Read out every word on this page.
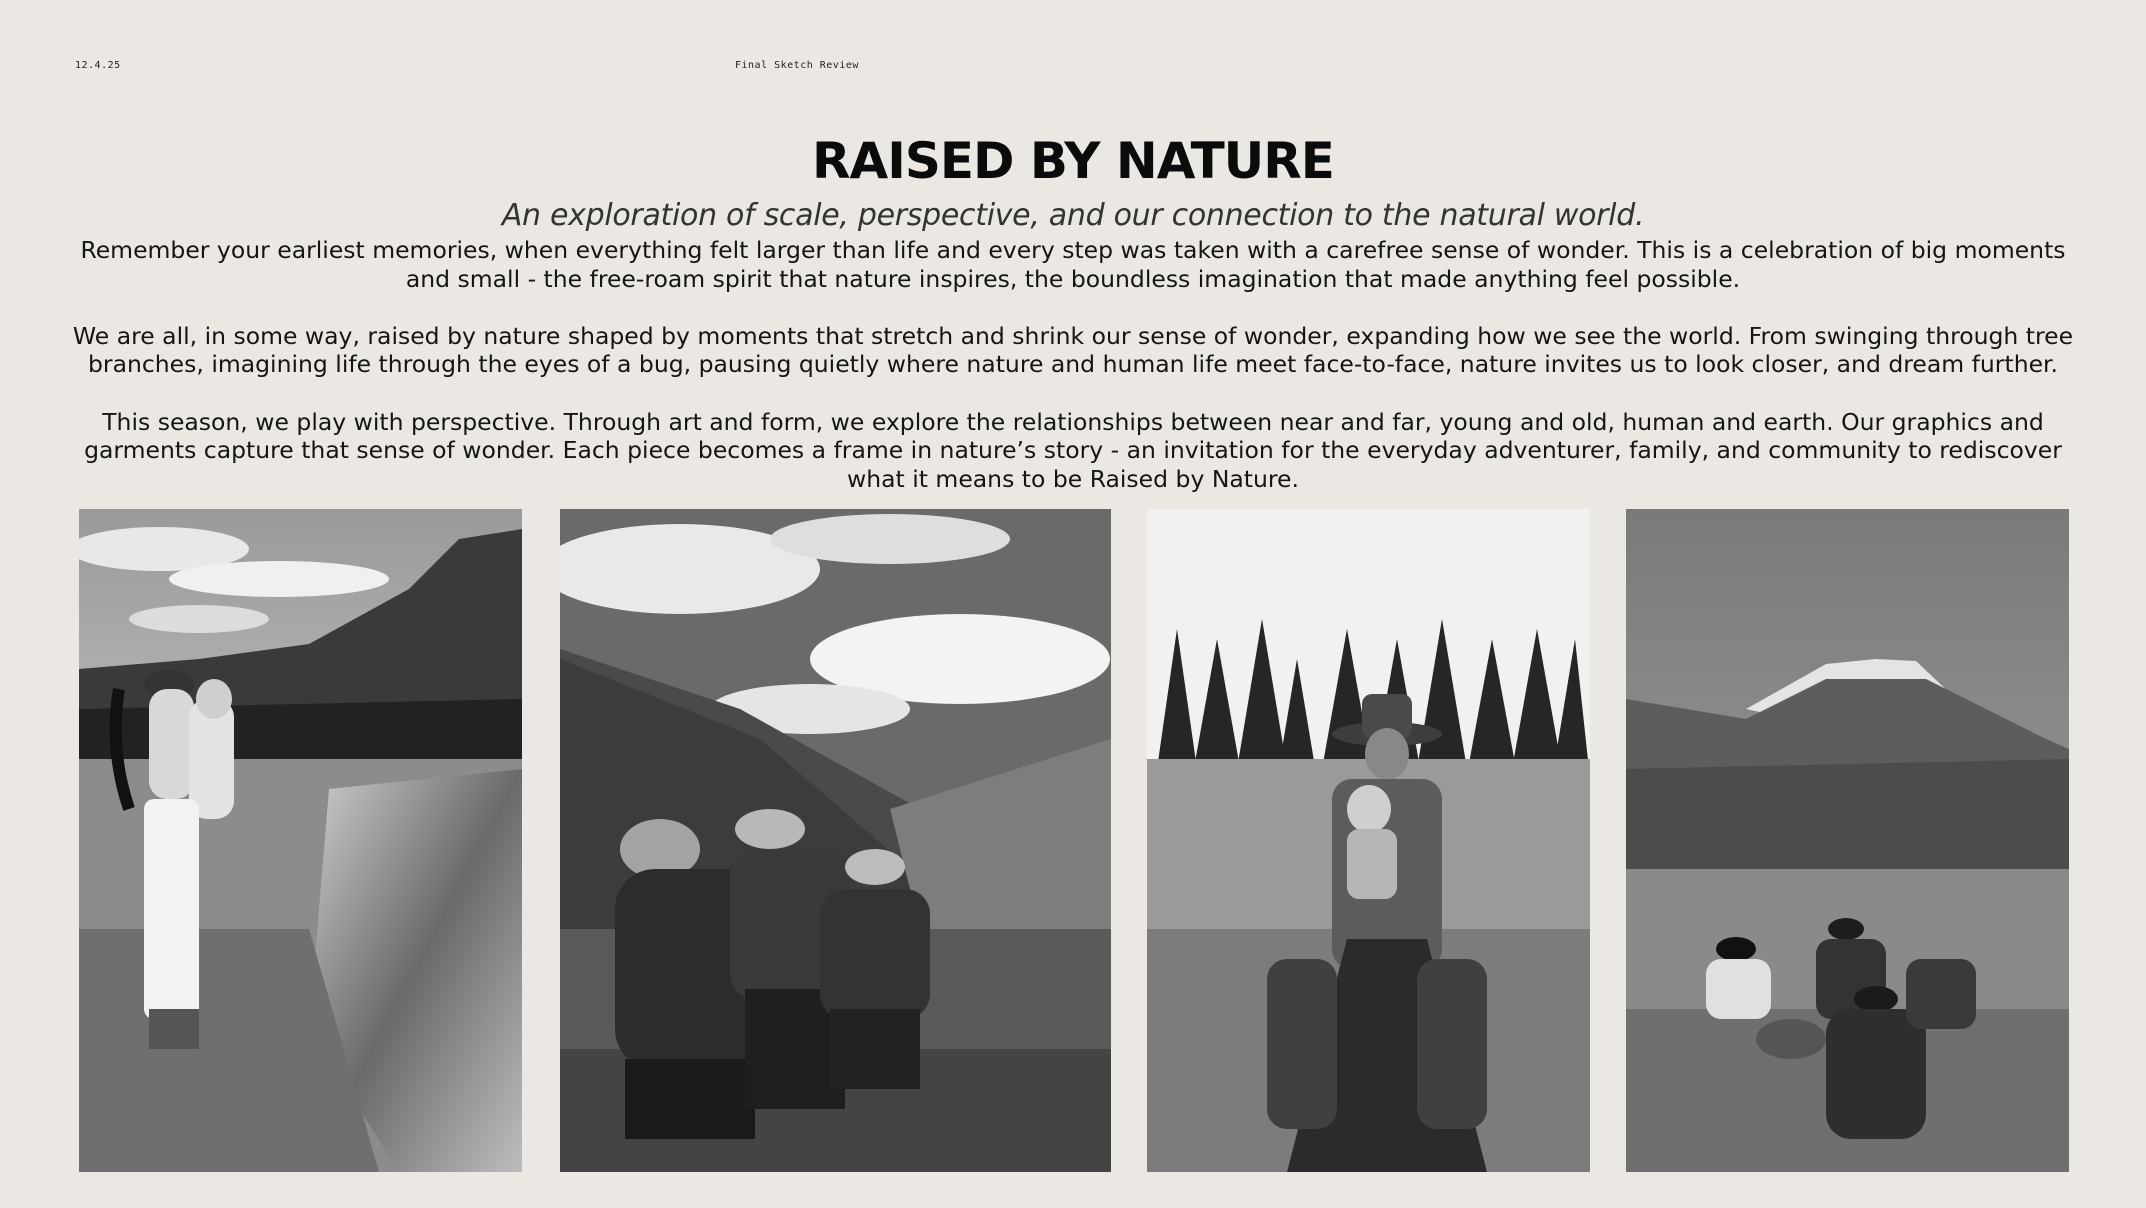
12.4.25	Final Sketch Review
RAISED BY NATURE
An exploration of scale, perspective, and our connection to the natural world.

Remember your earliest memories, when everything felt larger than life and every step was taken with a carefree sense of wonder. This is a celebration of big moments and small - the free-roam spirit that nature inspires, the boundless imagination that made anything feel possible.

We are all, in some way, raised by nature shaped by moments that stretch and shrink our sense of wonder, expanding how we see the world. From swinging through tree branches, imagining life through the eyes of a bug, pausing quietly where nature and human life meet face-to-face, nature invites us to look closer, and dream further.

This season, we play with perspective. Through art and form, we explore the relationships between near and far, young and old, human and earth. Our graphics and garments capture that sense of wonder. Each piece becomes a frame in nature’s story - an invitation for the everyday adventurer, family, and community to rediscover what it means to be Raised by Nature.
